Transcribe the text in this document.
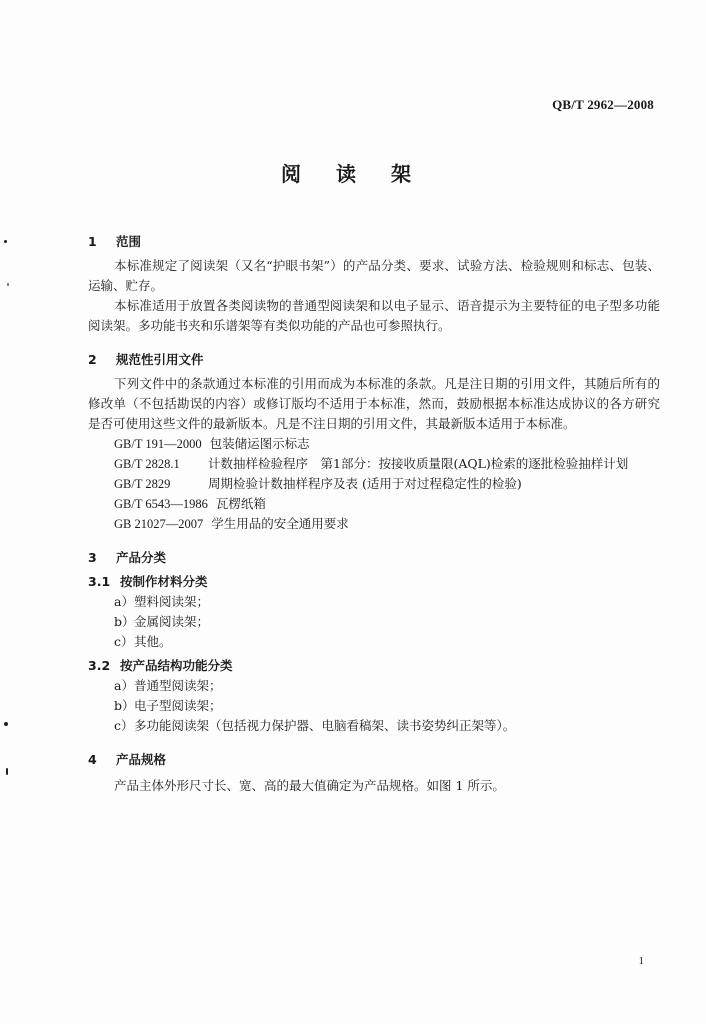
QB/T 2962—2008
阅 读 架
1 范围

本标准规定了阅读架（又名“护眼书架”）的产品分类、要求、试验方法、检验规则和标志、包装、运输、贮存。

本标准适用于放置各类阅读物的普通型阅读架和以电子显示、语音提示为主要特征的电子型多功能阅读架。多功能书夹和乐谱架等有类似功能的产品也可参照执行。

2 规范性引用文件

下列文件中的条款通过本标准的引用而成为本标准的条款。凡是注日期的引用文件，其随后所有的修改单（不包括勘误的内容）或修订版均不适用于本标准，然而，鼓励根据本标准达成协议的各方研究是否可使用这些文件的最新版本。凡是不注日期的引用文件，其最新版本适用于本标准。

GB/T 191—2000 包装储运图示标志
GB/T 2828.1 计数抽样检验程序　第1部分：按接收质量限(AQL)检索的逐批检验抽样计划
GB/T 2829	周期检验计数抽样程序及表 (适用于对过程稳定性的检验)
GB/T 6543—1986 瓦楞纸箱
GB 21027—2007 学生用品的安全通用要求
3 产品分类
3.1 按制作材料分类
a）塑料阅读架；
b）金属阅读架；
c）其他。
3.2 按产品结构功能分类
a）普通型阅读架；
b）电子型阅读架；
c）多功能阅读架（包括视力保护器、电脑看稿架、读书姿势纠正架等）。
4 产品规格

产品主体外形尺寸长、宽、高的最大值确定为产品规格。如图 1 所示。

1
